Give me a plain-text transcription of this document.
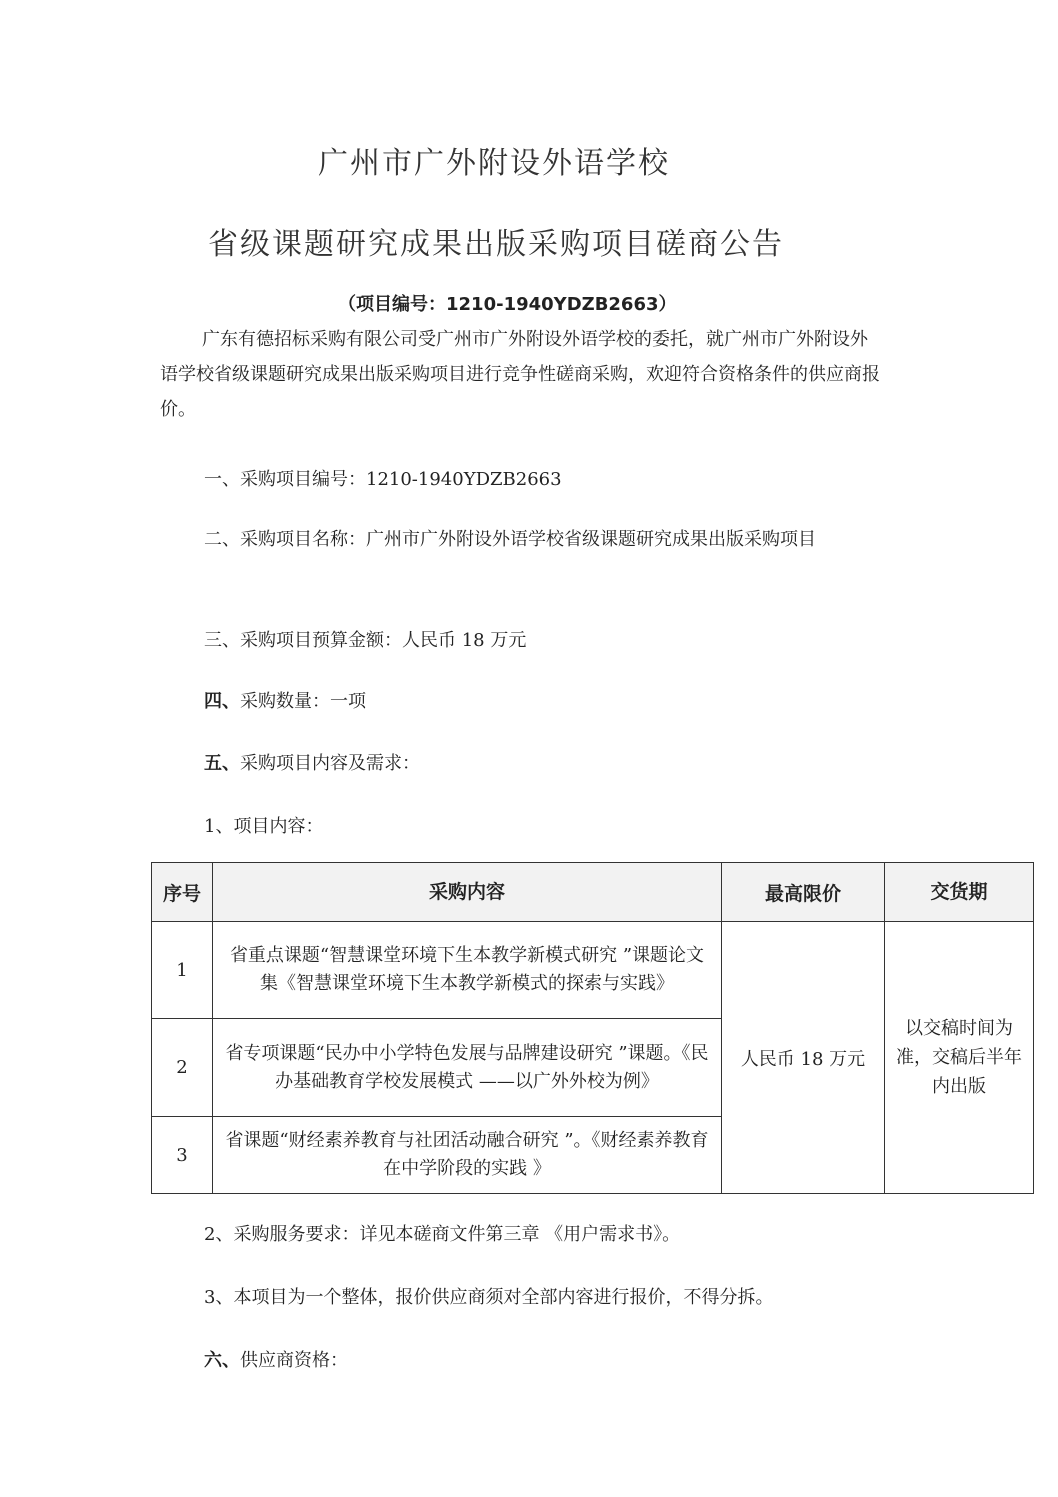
广州市广外附设外语学校
省级课题研究成果出版采购项目磋商公告
（项目编号：1210-1940YDZB2663）
广东有德招标采购有限公司受广州市广外附设外语学校的委托，就广州市广外附设外语学校省级课题研究成果出版采购项目进行竞争性磋商采购，欢迎符合资格条件的供应商报价。
一、采购项目编号：1210-1940YDZB2663
二、采购项目名称：广州市广外附设外语学校省级课题研究成果出版采购项目
三、采购项目预算金额：人民币 18 万元
四、采购数量：一项
五、采购项目内容及需求：
1、项目内容：
序号	采购内容	最高限价	交货期
1	省重点课题“智慧课堂环境下生本教学新模式研究 ”课题论文集《智慧课堂环境下生本教学新模式的探索与实践》	人民币 18 万元	以交稿时间为准，交稿后半年内出版

2	省专项课题“民办中小学特色发展与品牌建设研究 ”课题。《民办基础教育学校发展模式 ——以广外外校为例》		

3	省课题“财经素养教育与社团活动融合研究 ”。《财经素养教育在中学阶段的实践 》		
2、采购服务要求：详见本磋商文件第三章 《用户需求书》。
3、本项目为一个整体，报价供应商须对全部内容进行报价，不得分拆。
六、供应商资格：
